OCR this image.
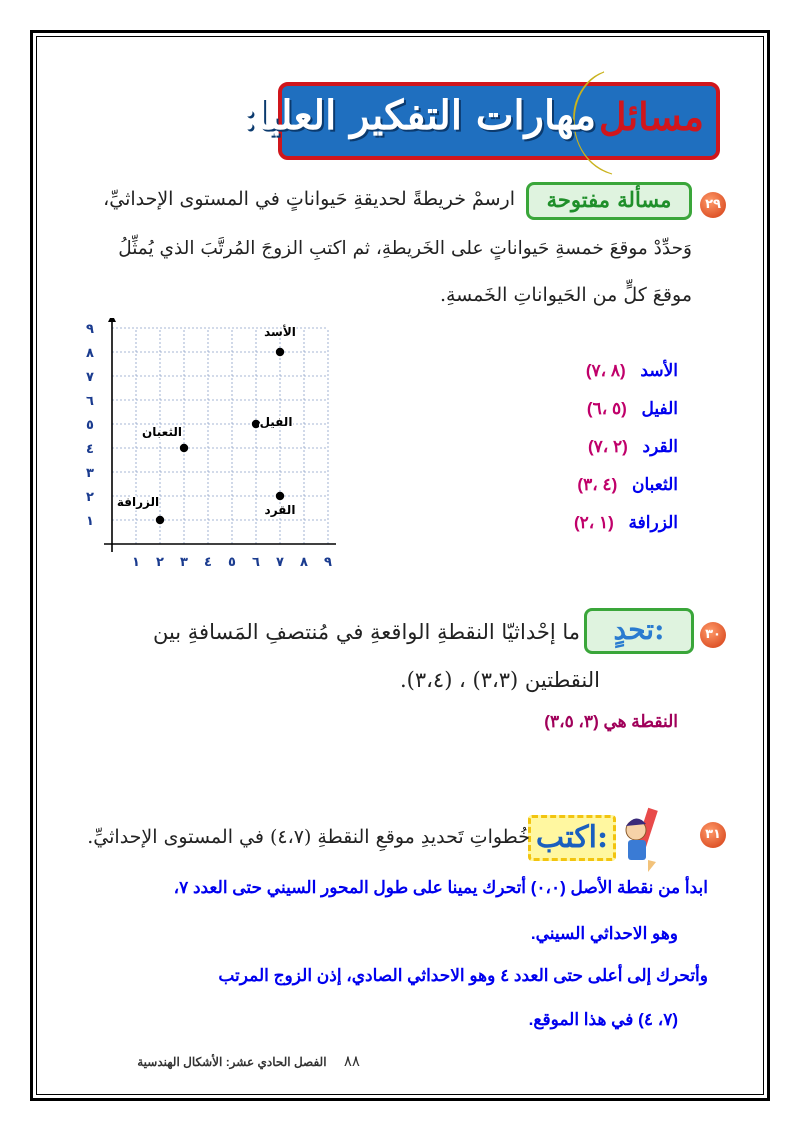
مسائل
مهارات التفكير العليا:
٢٩
مسألة مفتوحة
ارسمْ خريطةً لحديقةِ حَيواناتٍ في المستوى الإحداثيِّ،
وَحدِّدْ موقعَ خمسةِ حَيواناتٍ على الخَريطةِ، ثم اكتبِ الزوجَ المُرتَّبَ الذي يُمثِّلُ
موقعَ كلٍّ من الحَيواناتِ الخَمسةِ.
١ ٢ ٣ ٤ ٥ ٦ ٧ ٨ ٩
١
٢
٣
٤
٥
٦
٧
٨
٩	الأسد
الفيل
الثعبان
الزرافة
القرد
الأسد (٨ ،٧)
الفيل (٥ ،٦)
القرد (٢ ،٧)
الثعبان (٤ ،٣)
الزرافة (١ ،٢)
٣٠
تحدٍ:
ما إحْداثيّا النقطةِ الواقعةِ في مُنتصفِ المَسافةِ بين
النقطتين (٣،٣) ، (٣،٤).
النقطة هي (٣، ٣،٥)
٣١
اكتب:
خُطواتِ تَحديدِ موقعِ النقطةِ (٤،٧) في المستوى الإحداثيِّ.
ابدأ من نقطة الأصل (٠،٠) أتحرك يمينا على طول المحور السيني حتى العدد ٧،
وهو الاحداثي السيني.
وأتحرك إلى أعلى حتى العدد ٤ وهو الاحداثي الصادي، إذن الزوج المرتب
(٧، ٤) في هذا الموقع.
٨٨ الفصل الحادي عشر: الأشكال الهندسية
